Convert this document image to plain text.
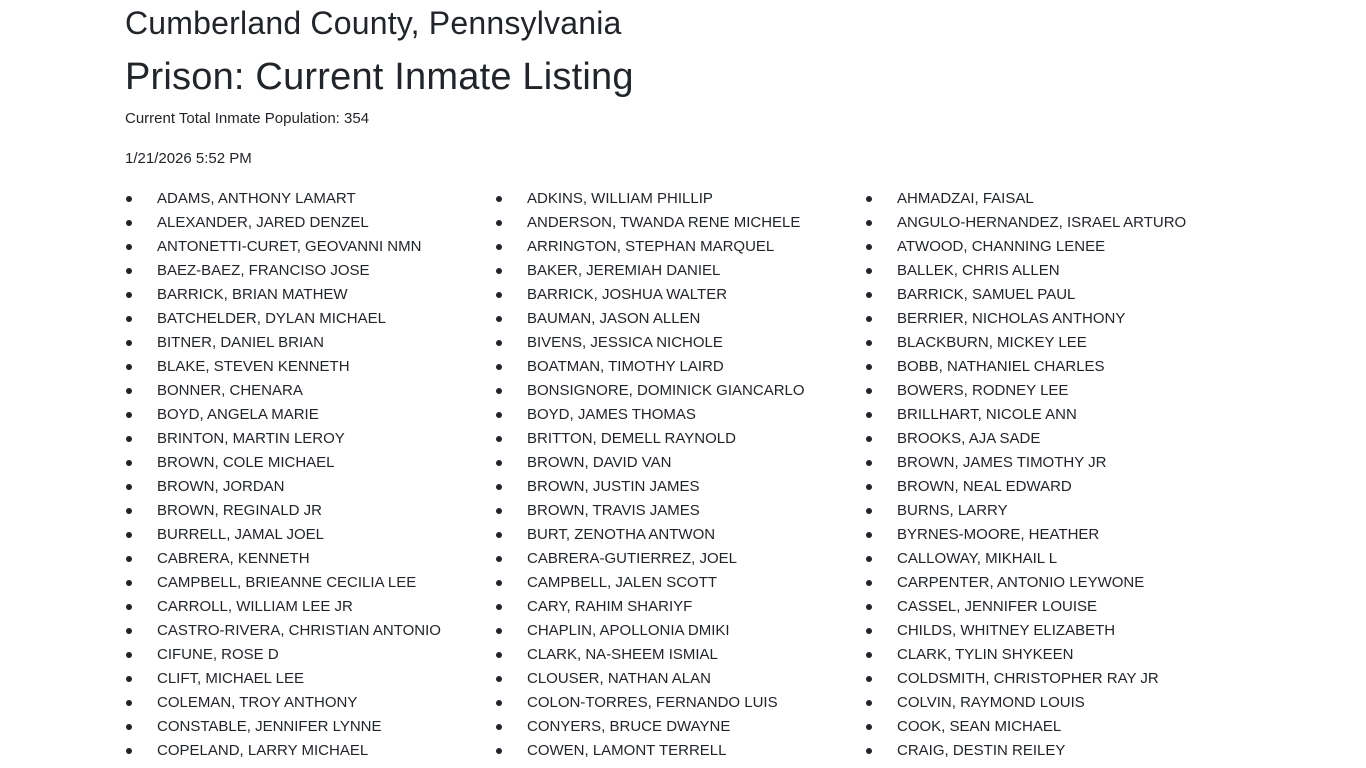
Cumberland County, Pennsylvania
Prison: Current Inmate Listing

Current Total Inmate Population: 354

1/21/2026 5:52 PM

ADAMS, ANTHONY LAMART
ALEXANDER, JARED DENZEL
ANTONETTI-CURET, GEOVANNI NMN
BAEZ-BAEZ, FRANCISO JOSE
BARRICK, BRIAN MATHEW
BATCHELDER, DYLAN MICHAEL
BITNER, DANIEL BRIAN
BLAKE, STEVEN KENNETH
BONNER, CHENARA
BOYD, ANGELA MARIE
BRINTON, MARTIN LEROY
BROWN, COLE MICHAEL
BROWN, JORDAN
BROWN, REGINALD JR
BURRELL, JAMAL JOEL
CABRERA, KENNETH
CAMPBELL, BRIEANNE CECILIA LEE
CARROLL, WILLIAM LEE JR
CASTRO-RIVERA, CHRISTIAN ANTONIO
CIFUNE, ROSE D
CLIFT, MICHAEL LEE
COLEMAN, TROY ANTHONY
CONSTABLE, JENNIFER LYNNE
COPELAND, LARRY MICHAEL
ADKINS, WILLIAM PHILLIP
ANDERSON, TWANDA RENE MICHELE
ARRINGTON, STEPHAN MARQUEL
BAKER, JEREMIAH DANIEL
BARRICK, JOSHUA WALTER
BAUMAN, JASON ALLEN
BIVENS, JESSICA NICHOLE
BOATMAN, TIMOTHY LAIRD
BONSIGNORE, DOMINICK GIANCARLO
BOYD, JAMES THOMAS
BRITTON, DEMELL RAYNOLD
BROWN, DAVID VAN
BROWN, JUSTIN JAMES
BROWN, TRAVIS JAMES
BURT, ZENOTHA ANTWON
CABRERA-GUTIERREZ, JOEL
CAMPBELL, JALEN SCOTT
CARY, RAHIM SHARIYF
CHAPLIN, APOLLONIA DMIKI
CLARK, NA-SHEEM ISMIAL
CLOUSER, NATHAN ALAN
COLON-TORRES, FERNANDO LUIS
CONYERS, BRUCE DWAYNE
COWEN, LAMONT TERRELL
AHMADZAI, FAISAL
ANGULO-HERNANDEZ, ISRAEL ARTURO
ATWOOD, CHANNING LENEE
BALLEK, CHRIS ALLEN
BARRICK, SAMUEL PAUL
BERRIER, NICHOLAS ANTHONY
BLACKBURN, MICKEY LEE
BOBB, NATHANIEL CHARLES
BOWERS, RODNEY LEE
BRILLHART, NICOLE ANN
BROOKS, AJA SADE
BROWN, JAMES TIMOTHY JR
BROWN, NEAL EDWARD
BURNS, LARRY
BYRNES-MOORE, HEATHER
CALLOWAY, MIKHAIL L
CARPENTER, ANTONIO LEYWONE
CASSEL, JENNIFER LOUISE
CHILDS, WHITNEY ELIZABETH
CLARK, TYLIN SHYKEEN
COLDSMITH, CHRISTOPHER RAY JR
COLVIN, RAYMOND LOUIS
COOK, SEAN MICHAEL
CRAIG, DESTIN REILEY
